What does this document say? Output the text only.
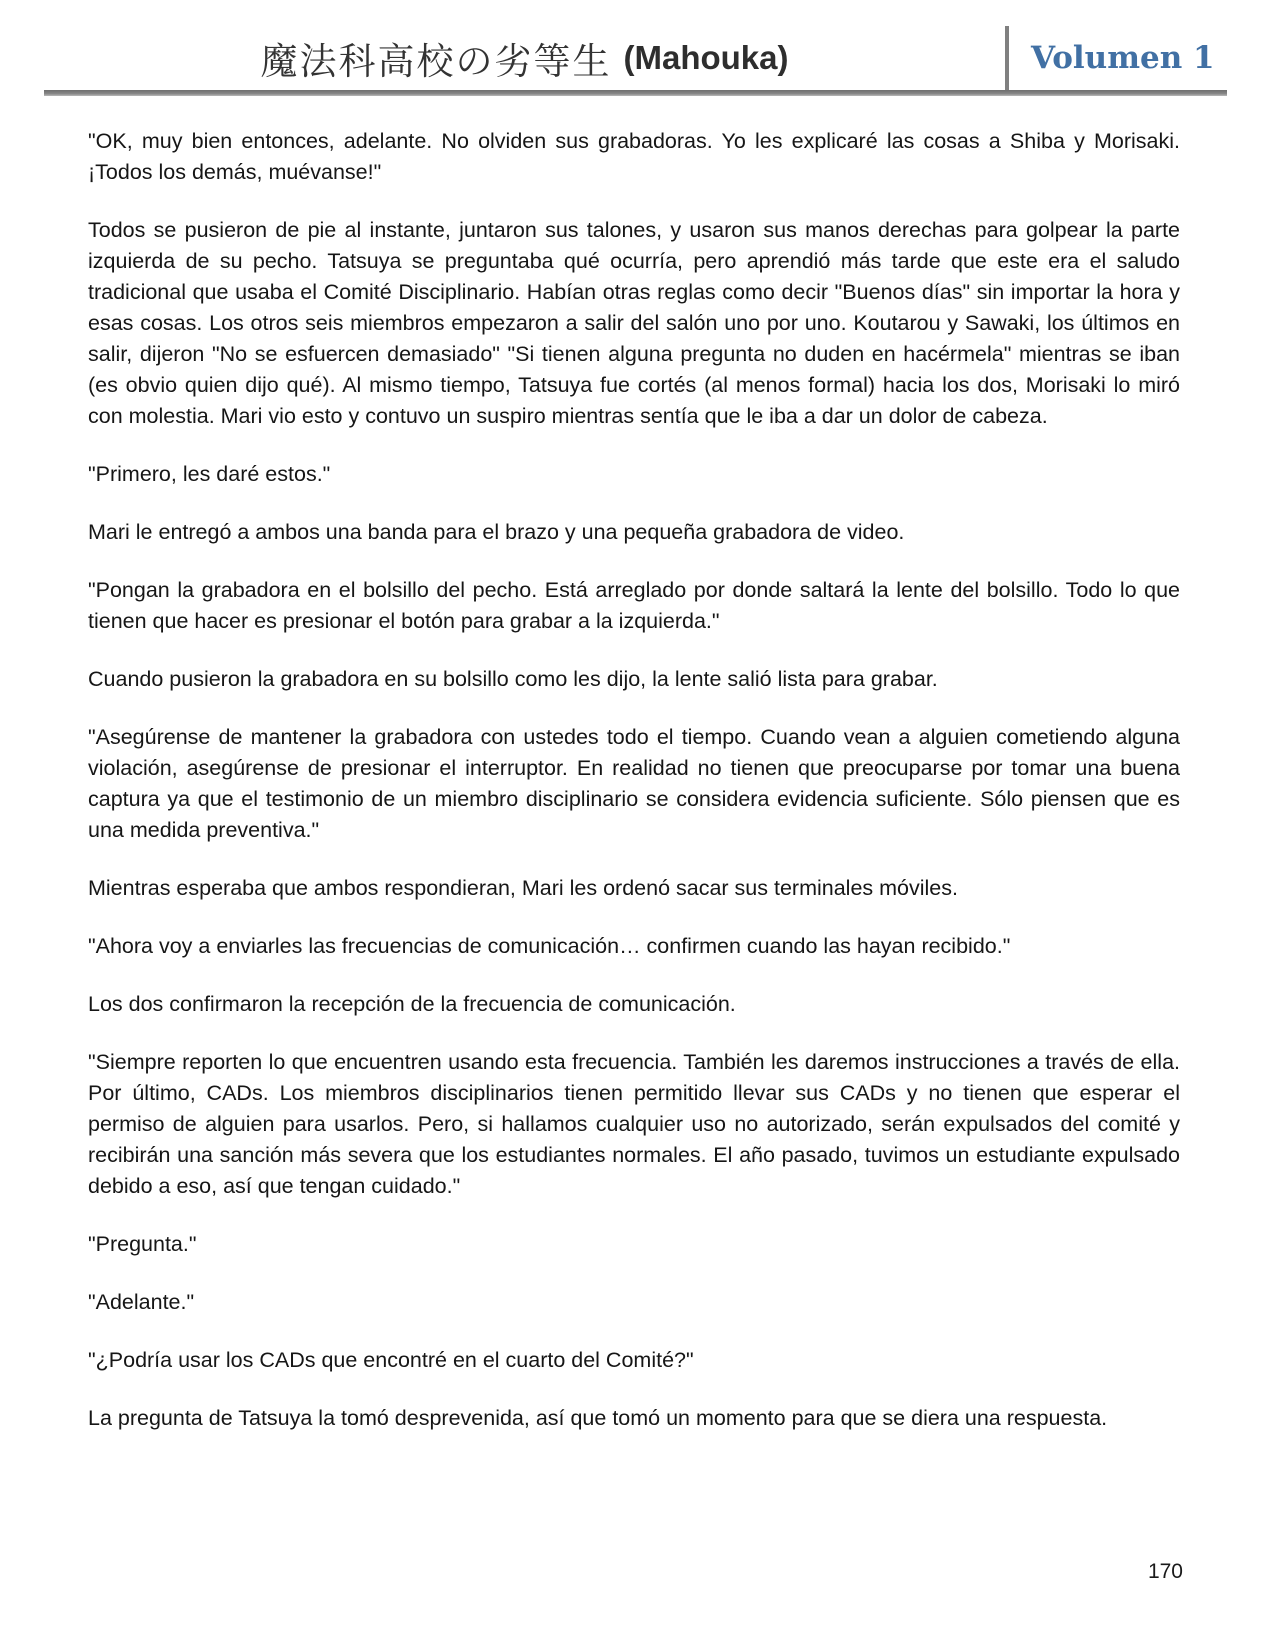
魔法科高校の劣等生 (Mahouka)	Volumen 1

"OK, muy bien entonces, adelante. No olviden sus grabadoras. Yo les explicaré las cosas a Shiba y Morisaki. ¡Todos los demás, muévanse!"

Todos se pusieron de pie al instante, juntaron sus talones, y usaron sus manos derechas para golpear la parte izquierda de su pecho. Tatsuya se preguntaba qué ocurría, pero aprendió más tarde que este era el saludo tradicional que usaba el Comité Disciplinario. Habían otras reglas como decir "Buenos días" sin importar la hora y esas cosas. Los otros seis miembros empezaron a salir del salón uno por uno. Koutarou y Sawaki, los últimos en salir, dijeron "No se esfuercen demasiado" "Si tienen alguna pregunta no duden en hacérmela" mientras se iban (es obvio quien dijo qué). Al mismo tiempo, Tatsuya fue cortés (al menos formal) hacia los dos, Morisaki lo miró con molestia. Mari vio esto y contuvo un suspiro mientras sentía que le iba a dar un dolor de cabeza.

"Primero, les daré estos."

Mari le entregó a ambos una banda para el brazo y una pequeña grabadora de video.

"Pongan la grabadora en el bolsillo del pecho. Está arreglado por donde saltará la lente del bolsillo. Todo lo que tienen que hacer es presionar el botón para grabar a la izquierda."

Cuando pusieron la grabadora en su bolsillo como les dijo, la lente salió lista para grabar.

"Asegúrense de mantener la grabadora con ustedes todo el tiempo. Cuando vean a alguien cometiendo alguna violación, asegúrense de presionar el interruptor. En realidad no tienen que preocuparse por tomar una buena captura ya que el testimonio de un miembro disciplinario se considera evidencia suficiente. Sólo piensen que es una medida preventiva."

Mientras esperaba que ambos respondieran, Mari les ordenó sacar sus terminales móviles.

"Ahora voy a enviarles las frecuencias de comunicación… confirmen cuando las hayan recibido."

Los dos confirmaron la recepción de la frecuencia de comunicación.

"Siempre reporten lo que encuentren usando esta frecuencia. También les daremos instrucciones a través de ella. Por último, CADs. Los miembros disciplinarios tienen permitido llevar sus CADs y no tienen que esperar el permiso de alguien para usarlos. Pero, si hallamos cualquier uso no autorizado, serán expulsados del comité y recibirán una sanción más severa que los estudiantes normales. El año pasado, tuvimos un estudiante expulsado debido a eso, así que tengan cuidado."

"Pregunta."

"Adelante."

"¿Podría usar los CADs que encontré en el cuarto del Comité?"

La pregunta de Tatsuya la tomó desprevenida, así que tomó un momento para que se diera una respuesta.

170
